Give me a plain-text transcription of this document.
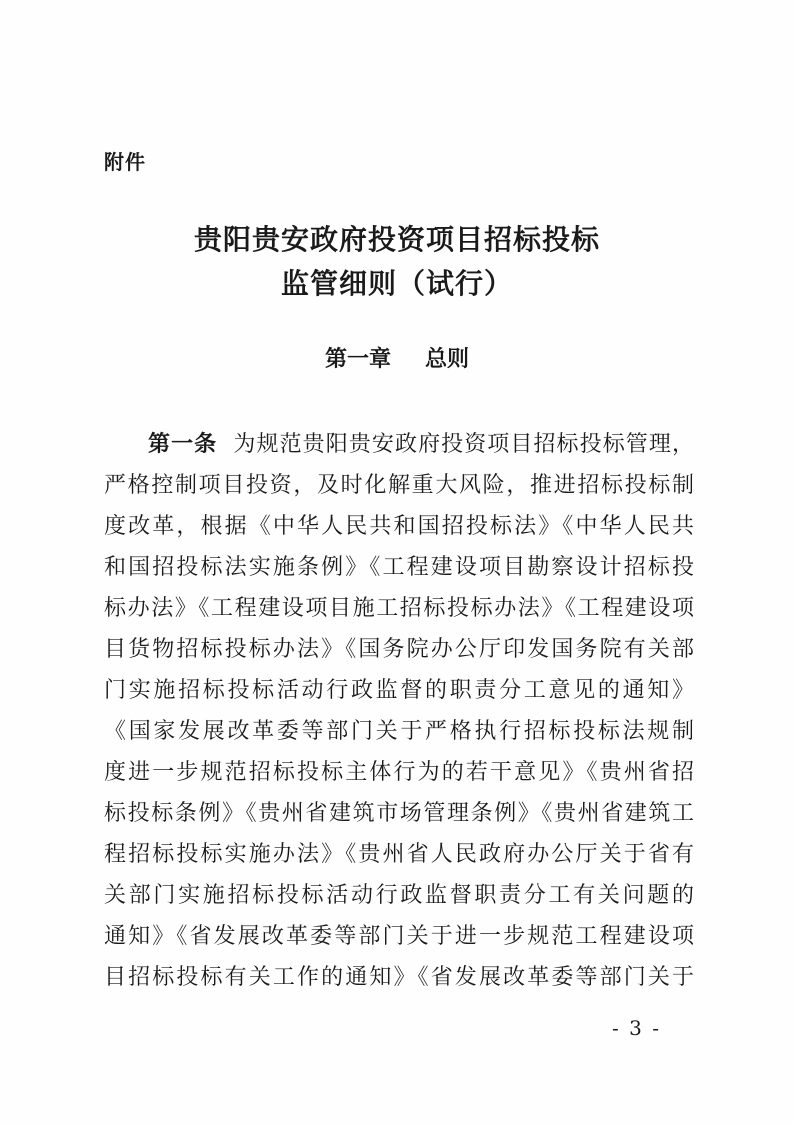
附件
贵阳贵安政府投资项目招标投标
监管细则（试行）
第一章 总则
第一条 为规范贵阳贵安政府投资项目招标投标管理，
严格控制项目投资，及时化解重大风险，推进招标投标制
度改革，根据《中华人民共和国招投标法》《中华人民共
和国招投标法实施条例》《工程建设项目勘察设计招标投
标办法》《工程建设项目施工招标投标办法》《工程建设项
目货物招标投标办法》《国务院办公厅印发国务院有关部
门实施招标投标活动行政监督的职责分工意见的通知》
《国家发展改革委等部门关于严格执行招标投标法规制
度进一步规范招标投标主体行为的若干意见》《贵州省招
标投标条例》《贵州省建筑市场管理条例》《贵州省建筑工
程招标投标实施办法》《贵州省人民政府办公厅关于省有
关部门实施招标投标活动行政监督职责分工有关问题的
通知》《省发展改革委等部门关于进一步规范工程建设项
目招标投标有关工作的通知》《省发展改革委等部门关于
- 3 -
